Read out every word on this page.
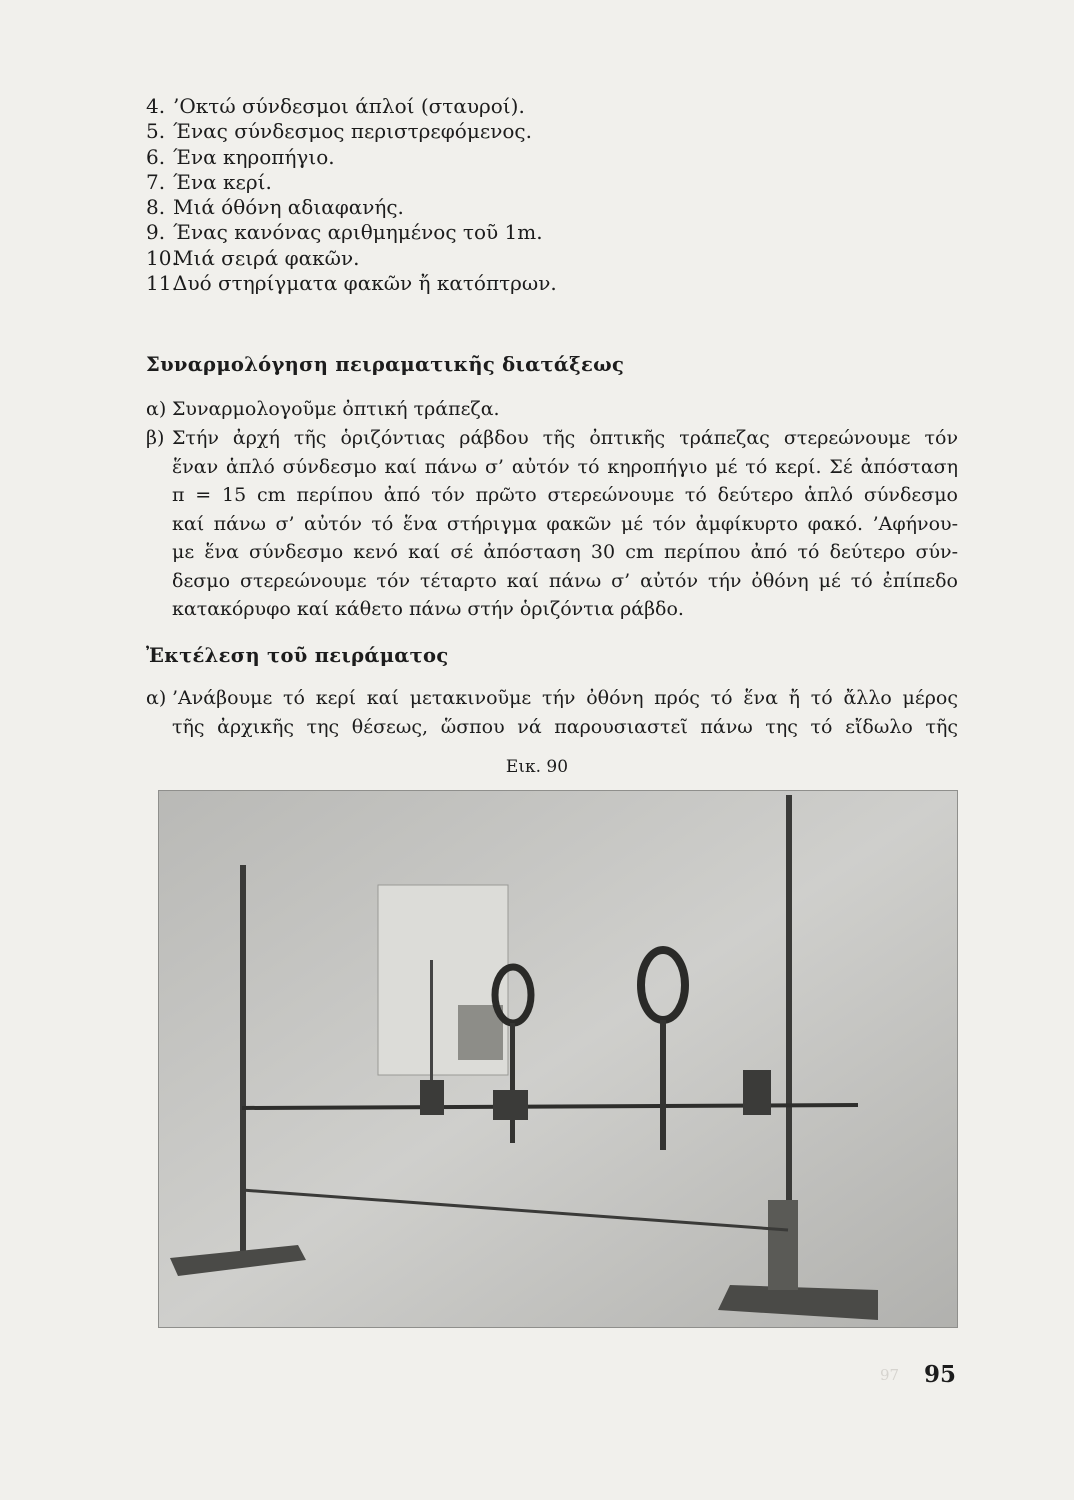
4. ’Οκτώ σύνδεσμοι άπλοί (σταυροί).
5. Ένας σύνδεσμος περιστρεφόμενος.
6. Ένα κηροπήγιο.
7. Ένα κερί.
8. Μιά όθόνη αδιαφανής.
9. Ένας κανόνας αριθμημένος τοῦ 1m.
10.Μιά σειρά φακῶν.
11.Δυό στηρίγματα φακῶν ἤ κατόπτρων.
Συναρμολόγηση πειραματικῆς διατάξεως
α) Συναρμολογοῦμε ὀπτική τράπεζα.
β) Στήν ἀρχή τῆς ὁριζόντιας ράβδου τῆς ὀπτικῆς τράπεζας στερεώνουμε τόν
ἕναν ἁπλό σύνδεσμο καί πάνω σ’ αὐτόν τό κηροπήγιο μέ τό κερί. Σέ ἀπόσταση
π = 15 cm περίπου ἀπό τόν πρῶτο στερεώνουμε τό δεύτερο ἁπλό σύνδεσμο
καί πάνω σ’ αὐτόν τό ἕνα στήριγμα φακῶν μέ τόν ἀμφίκυρτο φακό. ’Αφήνου-
με ἕνα σύνδεσμο κενό καί σέ ἀπόσταση 30 cm περίπου ἀπό τό δεύτερο σύν-
δεσμο στερεώνουμε τόν τέταρτο καί πάνω σ’ αὐτόν τήν ὀθόνη μέ τό ἐπίπεδο
κατακόρυφο καί κάθετο πάνω στήν ὁριζόντια ράβδο.
Ἐκτέλεση τοῦ πειράματος
α) ’Ανάβουμε τό κερί καί μετακινοῦμε τήν ὀθόνη πρός τό ἕνα ἤ τό ἄλλο μέρος
τῆς ἀρχικῆς της θέσεως, ὥσπου νά παρουσιαστεῖ πάνω της τό εἴδωλο τῆς
Εικ. 90
97 95
